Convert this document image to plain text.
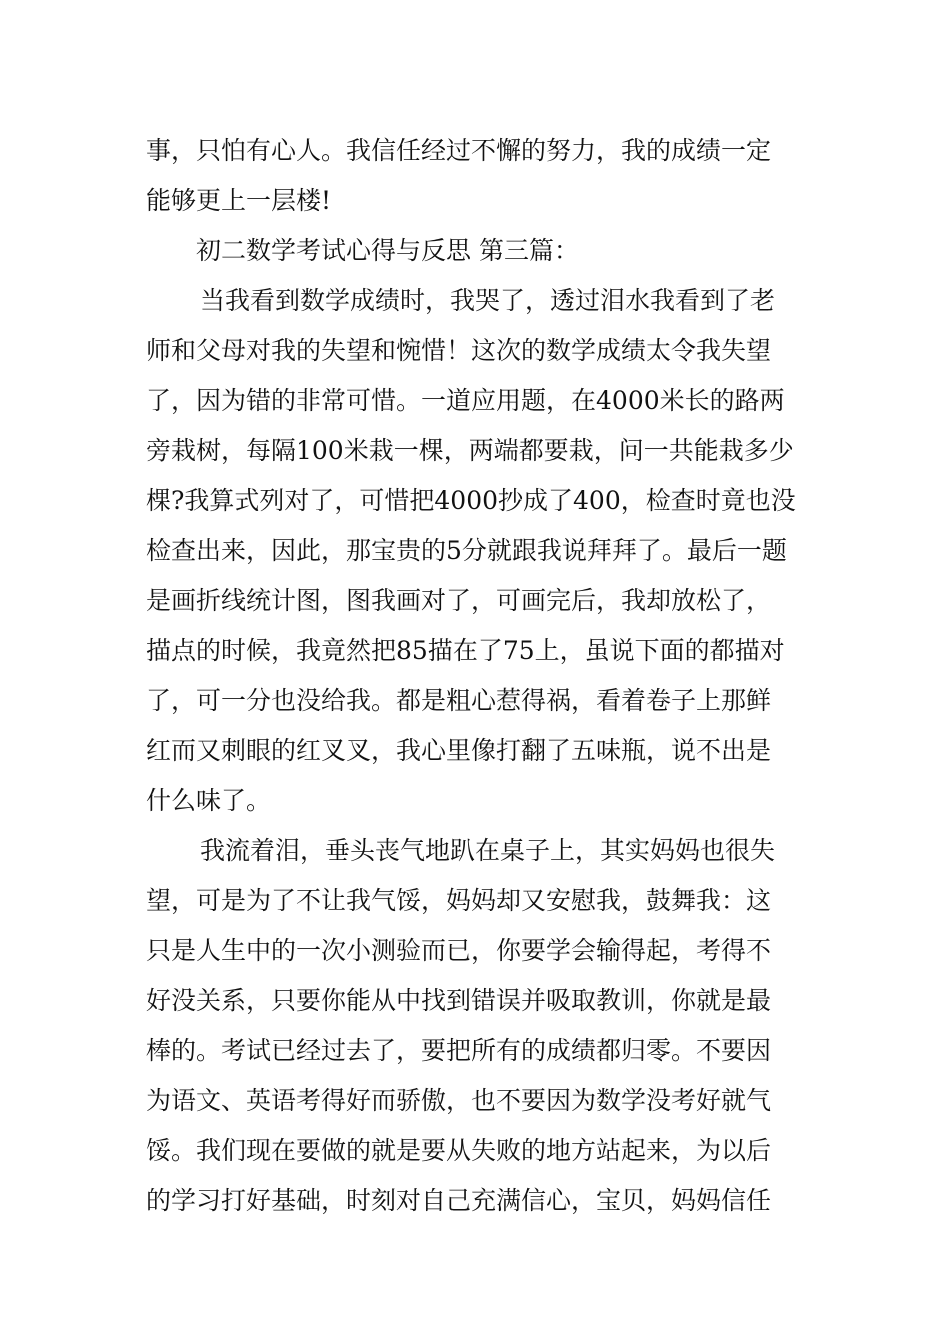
事，只怕有心人。我信任经过不懈的努力，我的成绩一定
能够更上一层楼!
初二数学考试心得与反思 第三篇：
当我看到数学成绩时，我哭了，透过泪水我看到了老
师和父母对我的失望和惋惜！这次的数学成绩太令我失望
了，因为错的非常可惜。一道应用题，在4000米长的路两
旁栽树，每隔100米栽一棵，两端都要栽，问一共能栽多少
棵?我算式列对了，可惜把4000抄成了400，检查时竟也没
检查出来，因此，那宝贵的5分就跟我说拜拜了。最后一题
是画折线统计图，图我画对了，可画完后，我却放松了，
描点的时候，我竟然把85描在了75上，虽说下面的都描对
了，可一分也没给我。都是粗心惹得祸，看着卷子上那鲜
红而又刺眼的红叉叉，我心里像打翻了五味瓶，说不出是
什么味了。
我流着泪，垂头丧气地趴在桌子上，其实妈妈也很失
望，可是为了不让我气馁，妈妈却又安慰我，鼓舞我：这
只是人生中的一次小测验而已，你要学会输得起，考得不
好没关系，只要你能从中找到错误并吸取教训，你就是最
棒的。考试已经过去了，要把所有的成绩都归零。不要因
为语文、英语考得好而骄傲，也不要因为数学没考好就气
馁。我们现在要做的就是要从失败的地方站起来，为以后
的学习打好基础，时刻对自己充满信心，宝贝，妈妈信任
